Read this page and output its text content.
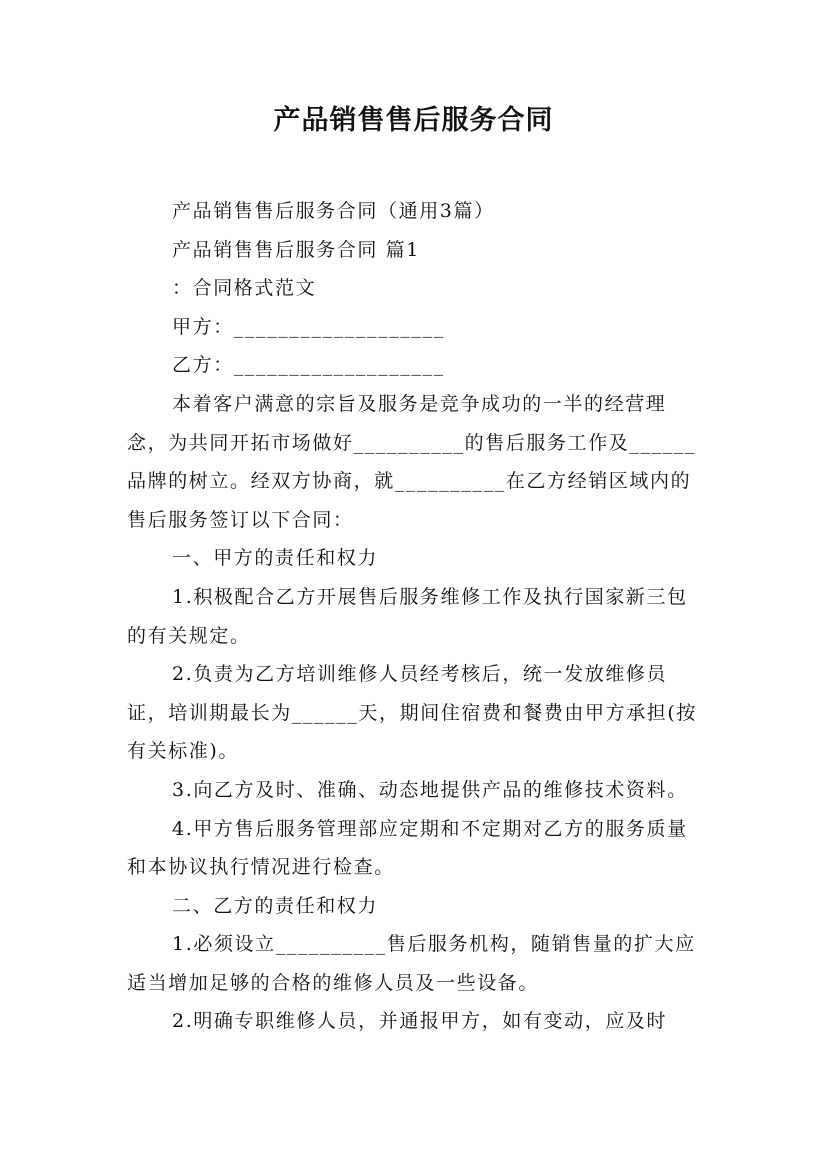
产品销售售后服务合同

产品销售售后服务合同（通用3篇）

产品销售售后服务合同 篇1

：合同格式范文

甲方：___________________

乙方：___________________

本着客户满意的宗旨及服务是竞争成功的一半的经营理念，为共同开拓市场做好__________的售后服务工作及______品牌的树立。经双方协商，就__________在乙方经销区域内的售后服务签订以下合同：

一、甲方的责任和权力

1.积极配合乙方开展售后服务维修工作及执行国家新三包的有关规定。

2.负责为乙方培训维修人员经考核后，统一发放维修员证，培训期最长为______天，期间住宿费和餐费由甲方承担(按有关标准)。

3.向乙方及时、准确、动态地提供产品的维修技术资料。

4.甲方售后服务管理部应定期和不定期对乙方的服务质量和本协议执行情况进行检查。

二、乙方的责任和权力

1.必须设立__________售后服务机构，随销售量的扩大应适当增加足够的合格的维修人员及一些设备。

2.明确专职维修人员，并通报甲方，如有变动，应及时
